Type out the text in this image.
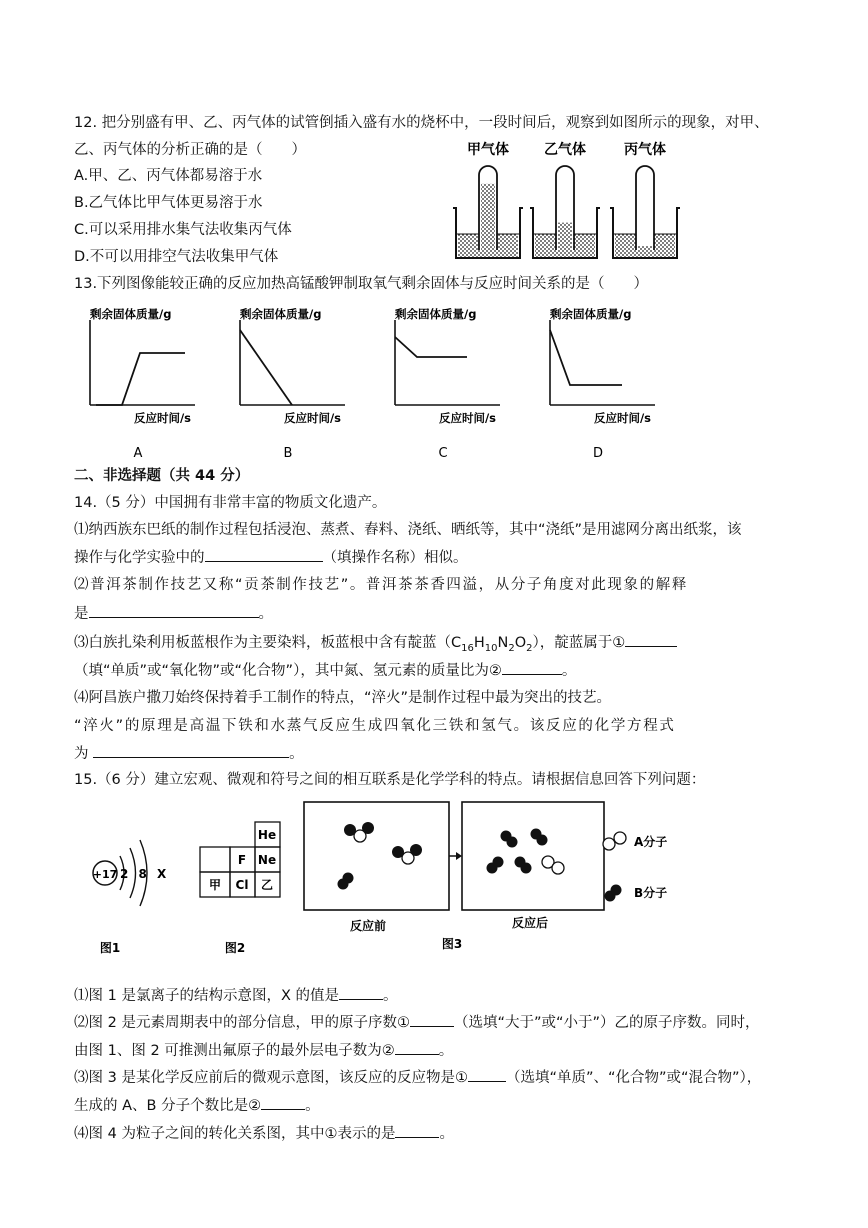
12. 把分别盛有甲、乙、丙气体的试管倒插入盛有水的烧杯中，一段时间后，观察到如图所示的现象，对甲、
乙、丙气体的分析正确的是（　　）
A.甲、乙、丙气体都易溶于水
B.乙气体比甲气体更易溶于水
C.可以采用排水集气法收集丙气体
D.不可以用排空气法收集甲气体
甲气体	乙气体	丙气体
13.下列图像能较正确的反应加热高锰酸钾制取氧气剩余固体与反应时间关系的是（　　）
剩余固体质量/g
反应时间/s
A
剩余固体质量/g
反应时间/s
B
剩余固体质量/g
反应时间/s
C
剩余固体质量/g
反应时间/s
D
二、非选择题（共 44 分）
14.（5 分）中国拥有非常丰富的物质文化遗产。
⑴纳西族东巴纸的制作过程包括浸泡、蒸煮、舂料、浇纸、晒纸等，其中“浇纸”是用滤网分离出纸浆，该
操作与化学实验中的	（填操作名称）相似。
⑵普洱茶制作技艺又称“贡茶制作技艺”。普洱茶茶香四溢，从分子角度对此现象的解释
是	。
⑶白族扎染利用板蓝根作为主要染料，板蓝根中含有靛蓝$(C_{16}H_{10}N_2O_2)$，靛蓝属于①
（填“单质”或“氧化物”或“化合物”），其中氮、氢元素的质量比为②	。
⑷阿昌族户撒刀始终保持着手工制作的特点，“淬火”是制作过程中最为突出的技艺。
“淬火”的原理是高温下铁和水蒸气反应生成四氧化三铁和氢气。该反应的化学方程式
为	。
15.（6 分）建立宏观、微观和符号之间的相互联系是化学学科的特点。请根据信息回答下列问题：
+17 2 8 X
图1
He
F Ne
甲 Cl 乙
图2
A分子
B分子
反应前	反应后
图3
⑴图 1 是氯离子的结构示意图，X 的值是	。
⑵图 2 是元素周期表中的部分信息，甲的原子序数①	（选填“大于”或“小于”）乙的原子序数。同时，
由图 1、图 2 可推测出氟原子的最外层电子数为②	。
⑶图 3 是某化学反应前后的微观示意图，该反应的反应物是①	（选填“单质”、“化合物”或“混合物”），
生成的 A、B 分子个数比是②	。
⑷图 4 为粒子之间的转化关系图，其中①表示的是	。
